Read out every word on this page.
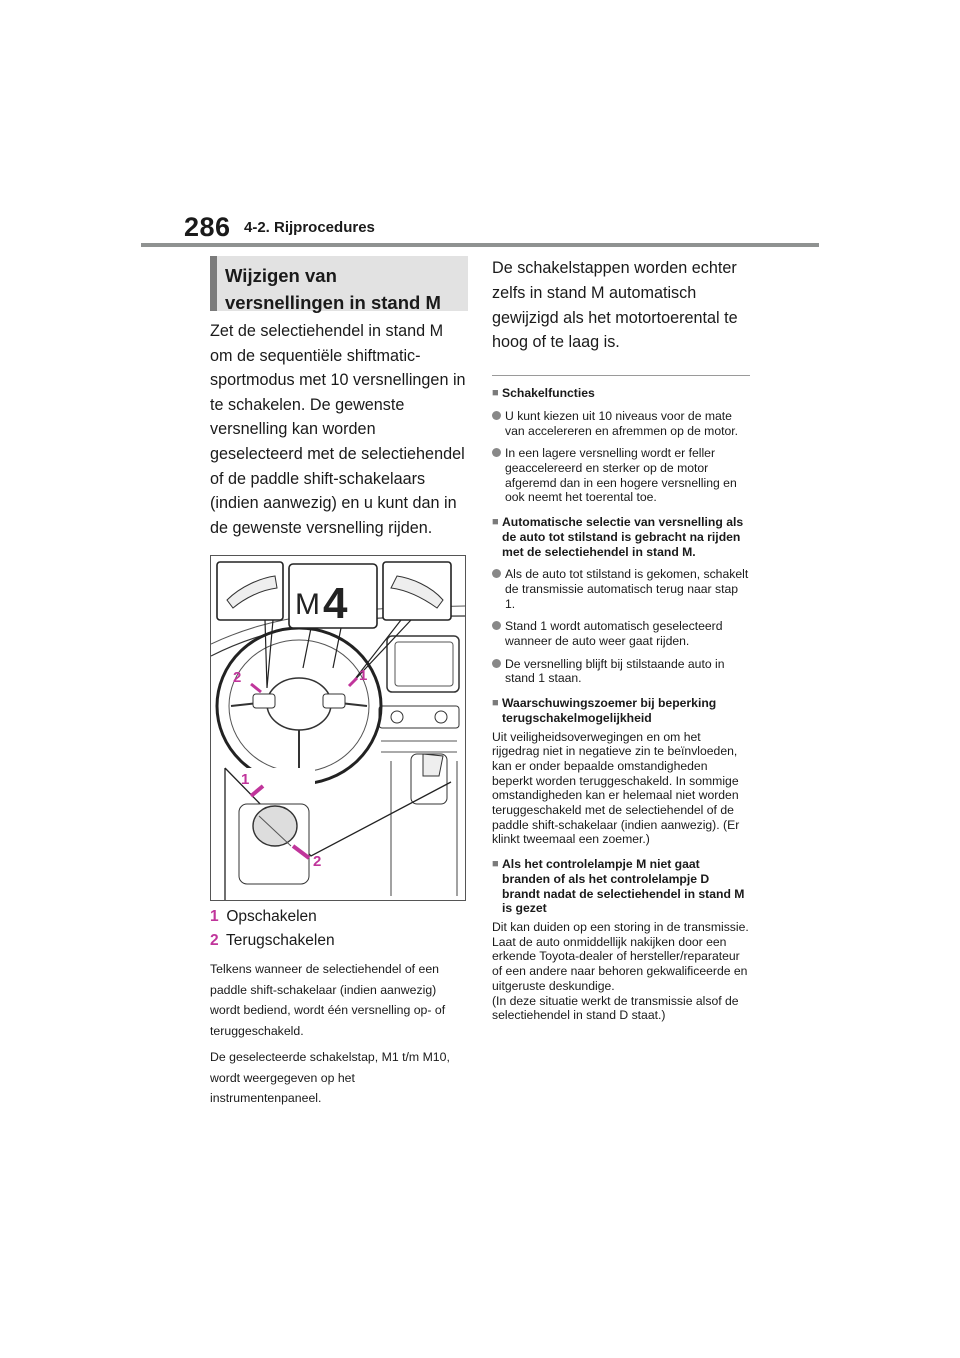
286 4-2. Rijprocedures
Wijzigen van versnellingen in stand M
Zet de selectiehendel in stand M om de sequentiële shiftmatic-sportmodus met 10 versnellingen in te schakelen. De gewenste versnelling kan worden geselecteerd met de selectiehendel of de paddle shift-schakelaars (indien aanwezig) en u kunt dan in de gewenste versnelling rijden.
M 4
2	1
1
2
1 Opschakelen
2 Terugschakelen
Telkens wanneer de selectiehendel of een paddle shift-schakelaar (indien aanwezig) wordt bediend, wordt één versnelling op- of teruggeschakeld.
De geselecteerde schakelstap, M1 t/m M10, wordt weergegeven op het instrumentenpaneel.
De schakelstappen worden echter zelfs in stand M automatisch gewijzigd als het motortoerental te hoog of te laag is.
■ Schakelfuncties
U kunt kiezen uit 10 niveaus voor de mate van accelereren en afremmen op de motor.
In een lagere versnelling wordt er feller geaccelereerd en sterker op de motor afgeremd dan in een hogere versnelling en ook neemt het toerental toe.
■ Automatische selectie van versnelling als de auto tot stilstand is gebracht na rijden met de selectiehendel in stand M.
Als de auto tot stilstand is gekomen, schakelt de transmissie automatisch terug naar stap 1.
Stand 1 wordt automatisch geselecteerd wanneer de auto weer gaat rijden.
De versnelling blijft bij stilstaande auto in stand 1 staan.
■ Waarschuwingszoemer bij beperking terugschakelmogelijkheid
Uit veiligheidsoverwegingen en om het rijgedrag niet in negatieve zin te beïnvloeden, kan er onder bepaalde omstandigheden beperkt worden teruggeschakeld. In sommige omstandigheden kan er helemaal niet worden teruggeschakeld met de selectiehendel of de paddle shift-schakelaar (indien aanwezig). (Er klinkt tweemaal een zoemer.)
■ Als het controlelampje M niet gaat branden of als het controlelampje D brandt nadat de selectiehendel in stand M is gezet
Dit kan duiden op een storing in de transmissie. Laat de auto onmiddellijk nakijken door een erkende Toyota-dealer of hersteller/reparateur of een andere naar behoren gekwalificeerde en uitgeruste deskundige.
(In deze situatie werkt de transmissie alsof de selectiehendel in stand D staat.)
